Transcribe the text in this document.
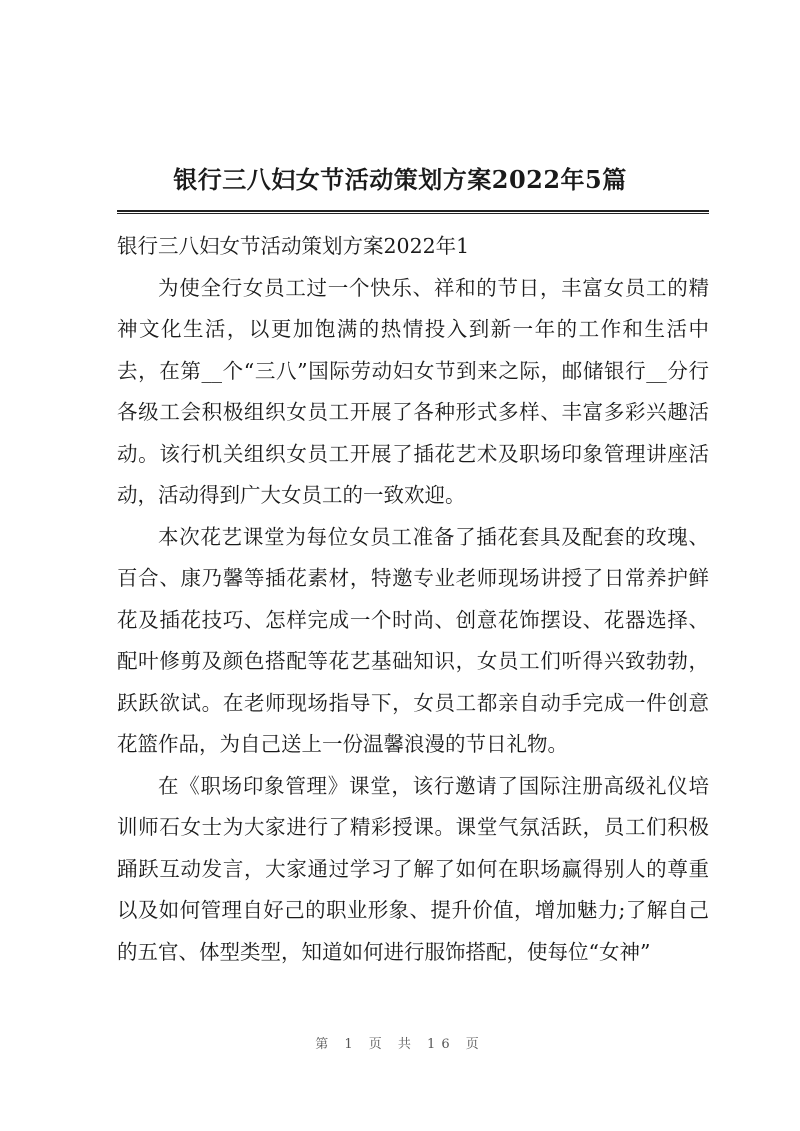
银行三八妇女节活动策划方案2022年5篇

银行三八妇女节活动策划方案2022年1

为使全行女员工过一个快乐、祥和的节日，丰富女员工的精神文化生活，以更加饱满的热情投入到新一年的工作和生活中去，在第__个“三八”国际劳动妇女节到来之际，邮储银行__分行各级工会积极组织女员工开展了各种形式多样、丰富多彩兴趣活动。该行机关组织女员工开展了插花艺术及职场印象管理讲座活动，活动得到广大女员工的一致欢迎。

本次花艺课堂为每位女员工准备了插花套具及配套的玫瑰、百合、康乃馨等插花素材，特邀专业老师现场讲授了日常养护鲜花及插花技巧、怎样完成一个时尚、创意花饰摆设、花器选择、配叶修剪及颜色搭配等花艺基础知识，女员工们听得兴致勃勃，跃跃欲试。在老师现场指导下，女员工都亲自动手完成一件创意花篮作品，为自己送上一份温馨浪漫的节日礼物。

在《职场印象管理》课堂，该行邀请了国际注册高级礼仪培训师石女士为大家进行了精彩授课。课堂气氛活跃，员工们积极踊跃互动发言，大家通过学习了解了如何在职场赢得别人的尊重以及如何管理自好己的职业形象、提升价值，增加魅力;了解自己的五官、体型类型，知道如何进行服饰搭配，使每位“女神”

第 1 页 共 16 页
